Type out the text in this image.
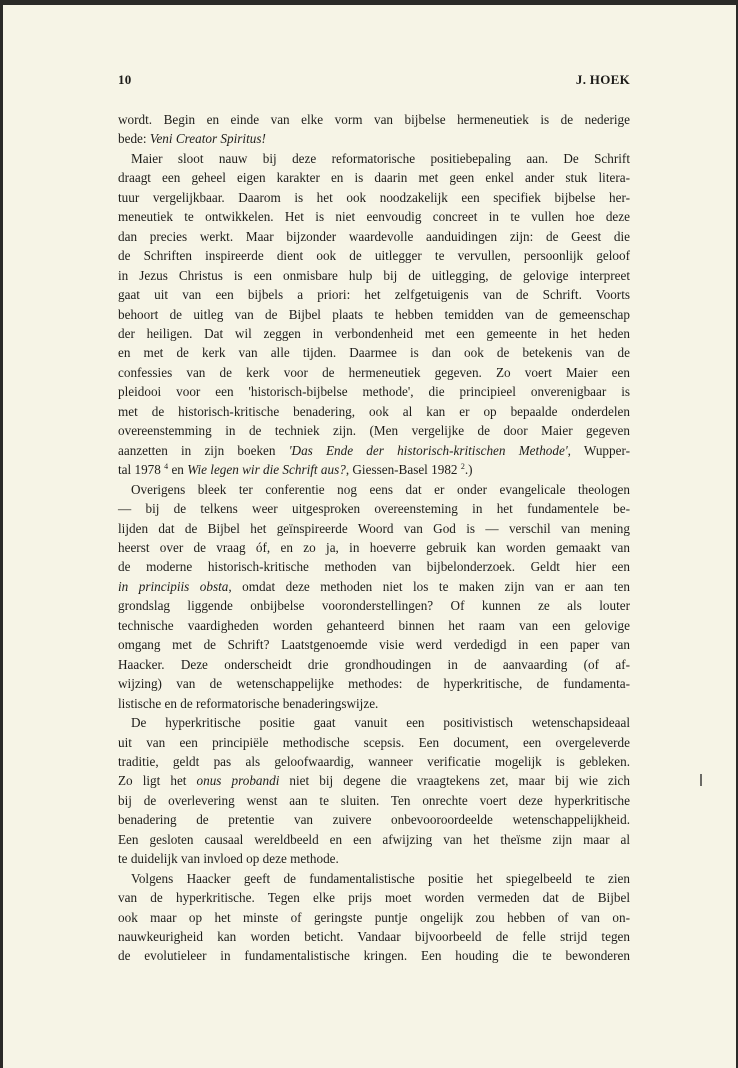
10	J. HOEK
wordt. Begin en einde van elke vorm van bijbelse hermeneutiek is de nederige
bede: Veni Creator Spiritus!
Maier sloot nauw bij deze reformatorische positiebepaling aan. De Schrift
draagt een geheel eigen karakter en is daarin met geen enkel ander stuk litera-
tuur vergelijkbaar. Daarom is het ook noodzakelijk een specifiek bijbelse her-
meneutiek te ontwikkelen. Het is niet eenvoudig concreet in te vullen hoe deze
dan precies werkt. Maar bijzonder waardevolle aanduidingen zijn: de Geest die
de Schriften inspireerde dient ook de uitlegger te vervullen, persoonlijk geloof
in Jezus Christus is een onmisbare hulp bij de uitlegging, de gelovige interpreet
gaat uit van een bijbels a priori: het zelfgetuigenis van de Schrift. Voorts
behoort de uitleg van de Bijbel plaats te hebben temidden van de gemeenschap
der heiligen. Dat wil zeggen in verbondenheid met een gemeente in het heden
en met de kerk van alle tijden. Daarmee is dan ook de betekenis van de
confessies van de kerk voor de hermeneutiek gegeven. Zo voert Maier een
pleidooi voor een 'historisch-bijbelse methode', die principieel onverenigbaar is
met de historisch-kritische benadering, ook al kan er op bepaalde onderdelen
overeenstemming in de techniek zijn. (Men vergelijke de door Maier gegeven
aanzetten in zijn boeken 'Das Ende der historisch-kritischen Methode', Wupper-
tal 1978 $^4$ en Wie legen wir die Schrift aus?, Giessen-Basel 1982 $^2$.)
Overigens bleek ter conferentie nog eens dat er onder evangelicale theologen
— bij de telkens weer uitgesproken overeensteming in het fundamentele be-
lijden dat de Bijbel het geïnspireerde Woord van God is — verschil van mening
heerst over de vraag óf, en zo ja, in hoeverre gebruik kan worden gemaakt van
de moderne historisch-kritische methoden van bijbelonderzoek. Geldt hier een
in principiis obsta, omdat deze methoden niet los te maken zijn van er aan ten
grondslag liggende onbijbelse vooronderstellingen? Of kunnen ze als louter
technische vaardigheden worden gehanteerd binnen het raam van een gelovige
omgang met de Schrift? Laatstgenoemde visie werd verdedigd in een paper van
Haacker. Deze onderscheidt drie grondhoudingen in de aanvaarding (of af-
wijzing) van de wetenschappelijke methodes: de hyperkritische, de fundamenta-
listische en de reformatorische benaderingswijze.
De hyperkritische positie gaat vanuit een positivistisch wetenschapsideaal
uit van een principiële methodische scepsis. Een document, een overgeleverde
traditie, geldt pas als geloofwaardig, wanneer verificatie mogelijk is gebleken.
Zo ligt het onus probandi niet bij degene die vraagtekens zet, maar bij wie zich
bij de overlevering wenst aan te sluiten. Ten onrechte voert deze hyperkritische
benadering de pretentie van zuivere onbevooroordeelde wetenschappelijkheid.
Een gesloten causaal wereldbeeld en een afwijzing van het theïsme zijn maar al
te duidelijk van invloed op deze methode.
Volgens Haacker geeft de fundamentalistische positie het spiegelbeeld te zien
van de hyperkritische. Tegen elke prijs moet worden vermeden dat de Bijbel
ook maar op het minste of geringste puntje ongelijk zou hebben of van on-
nauwkeurigheid kan worden beticht. Vandaar bijvoorbeeld de felle strijd tegen
de evolutieleer in fundamentalistische kringen. Een houding die te bewonderen
